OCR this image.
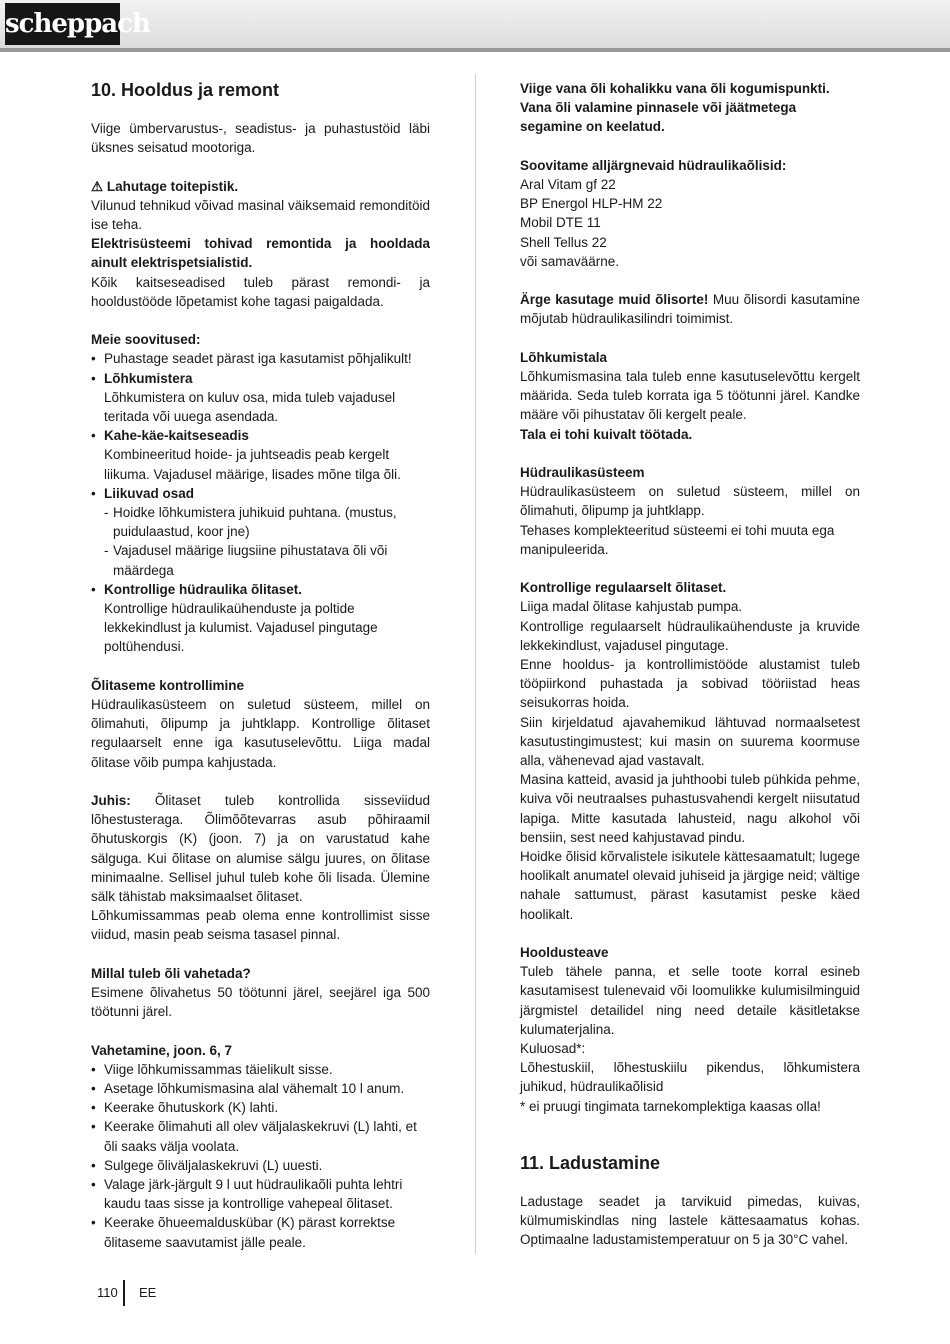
scheppach
10. Hooldus ja remont

Viige ümbervarustus-, seadistus- ja puhastustöid läbi üksnes seisatud mootoriga.

⚠ Lahutage toitepistik.

Vilunud tehnikud võivad masinal väiksemaid remonditöid ise teha.

Elektrisüsteemi tohivad remontida ja hooldada ainult elektrispetsialistid.

Kõik kaitseseadised tuleb pärast remondi- ja hooldustööde lõpetamist kohe tagasi paigaldada.

Meie soovitused:

• Puhastage seadet pärast iga kasutamist põhjalikult!
• Lõhkumistera
Lõhkumistera on kuluv osa, mida tuleb vajadusel teritada või uuega asendada.
• Kahe-käe-kaitseseadis
Kombineeritud hoide- ja juhtseadis peab kergelt liikuma. Vajadusel määrige, lisades mõne tilga õli.
• Liikuvad osad
- Hoidke lõhkumistera juhikuid puhtana. (mustus, puidulaastud, koor jne)
- Vajadusel määrige liugsiine pihustatava õli või määrdega
• Kontrollige hüdraulika õlitaset.
Kontrollige hüdraulikaühenduste ja poltide lekkekindlust ja kulumist. Vajadusel pingutage poltühendusi.

Õlitaseme kontrollimine

Hüdraulikasüsteem on suletud süsteem, millel on õlimahuti, õlipump ja juhtklapp. Kontrollige õlitaset regulaarselt enne iga kasutuselevõttu. Liiga madal õlitase võib pumpa kahjustada.

Juhis: Õlitaset tuleb kontrollida sisseviidud lõhestusteraga. Õlimõõtevarras asub põhiraamil õhutuskorgis (K) (joon. 7) ja on varustatud kahe sälguga. Kui õlitase on alumise sälgu juures, on õlitase minimaalne. Sellisel juhul tuleb kohe õli lisada. Ülemine sälk tähistab maksimaalset õlitaset.

Lõhkumissammas peab olema enne kontrollimist sisse viidud, masin peab seisma tasasel pinnal.

Millal tuleb õli vahetada?

Esimene õlivahetus 50 töötunni järel, seejärel iga 500 töötunni järel.

Vahetamine, joon. 6, 7

• Viige lõhkumissammas täielikult sisse.
• Asetage lõhkumismasina alal vähemalt 10 l anum.
• Keerake õhutuskork (K) lahti.
• Keerake õlimahuti all olev väljalaskekruvi (L) lahti, et õli saaks välja voolata.
• Sulgege õliväljalaskekruvi (L) uuesti.
• Valage järk-järgult 9 l uut hüdraulikaõli puhta lehtri kaudu taas sisse ja kontrollige vahepeal õlitaset.
• Keerake õhueemalduskübar (K) pärast korrektse õlitaseme saavutamist jälle peale.

Viige vana õli kohalikku vana õli kogumispunkti. Vana õli valamine pinnasele või jäätmetega segamine on keelatud.

Soovitame alljärgnevaid hüdraulikaõlisid:

Aral Vitam gf 22

BP Energol HLP-HM 22

Mobil DTE 11

Shell Tellus 22

või samaväärne.

Ärge kasutage muid õlisorte! Muu õlisordi kasutamine mõjutab hüdraulikasilindri toimimist.

Lõhkumistala

Lõhkumismasina tala tuleb enne kasutuselevõttu kergelt määrida. Seda tuleb korrata iga 5 töötunni järel. Kandke määre või pihustatav õli kergelt peale.

Tala ei tohi kuivalt töötada.

Hüdraulikasüsteem

Hüdraulikasüsteem on suletud süsteem, millel on õlimahuti, õlipump ja juhtklapp.

Tehases komplekteeritud süsteemi ei tohi muuta ega manipuleerida.

Kontrollige regulaarselt õlitaset.

Liiga madal õlitase kahjustab pumpa.

Kontrollige regulaarselt hüdraulikaühenduste ja kruvide lekkekindlust, vajadusel pingutage.

Enne hooldus- ja kontrollimistööde alustamist tuleb tööpiirkond puhastada ja sobivad tööriistad heas seisukorras hoida.

Siin kirjeldatud ajavahemikud lähtuvad normaalsetest kasutustingimustest; kui masin on suurema koormuse alla, vähenevad ajad vastavalt.

Masina katteid, avasid ja juhthoobi tuleb pühkida pehme, kuiva või neutraalses puhastusvahendi kergelt niisutatud lapiga. Mitte kasutada lahusteid, nagu alkohol või bensiin, sest need kahjustavad pindu.

Hoidke õlisid kõrvalistele isikutele kättesaamatult; lugege hoolikalt anumatel olevaid juhiseid ja järgige neid; vältige nahale sattumust, pärast kasutamist peske käed hoolikalt.

Hooldusteave

Tuleb tähele panna, et selle toote korral esineb kasutamisest tulenevaid või loomulikke kulumisilminguid järgmistel detailidel ning need detaile käsitletakse kulumaterjalina.

Kuluosad*:

Lõhestuskiil, lõhestuskiilu pikendus, lõhkumistera juhikud, hüdraulikaõlisid

* ei pruugi tingimata tarnekomplektiga kaasas olla!

11. Ladustamine

Ladustage seadet ja tarvikuid pimedas, kuivas, külmumiskindlas ning lastele kättesaamatus kohas. Optimaalne ladustamistemperatuur on 5 ja 30°C vahel.

110 EE
